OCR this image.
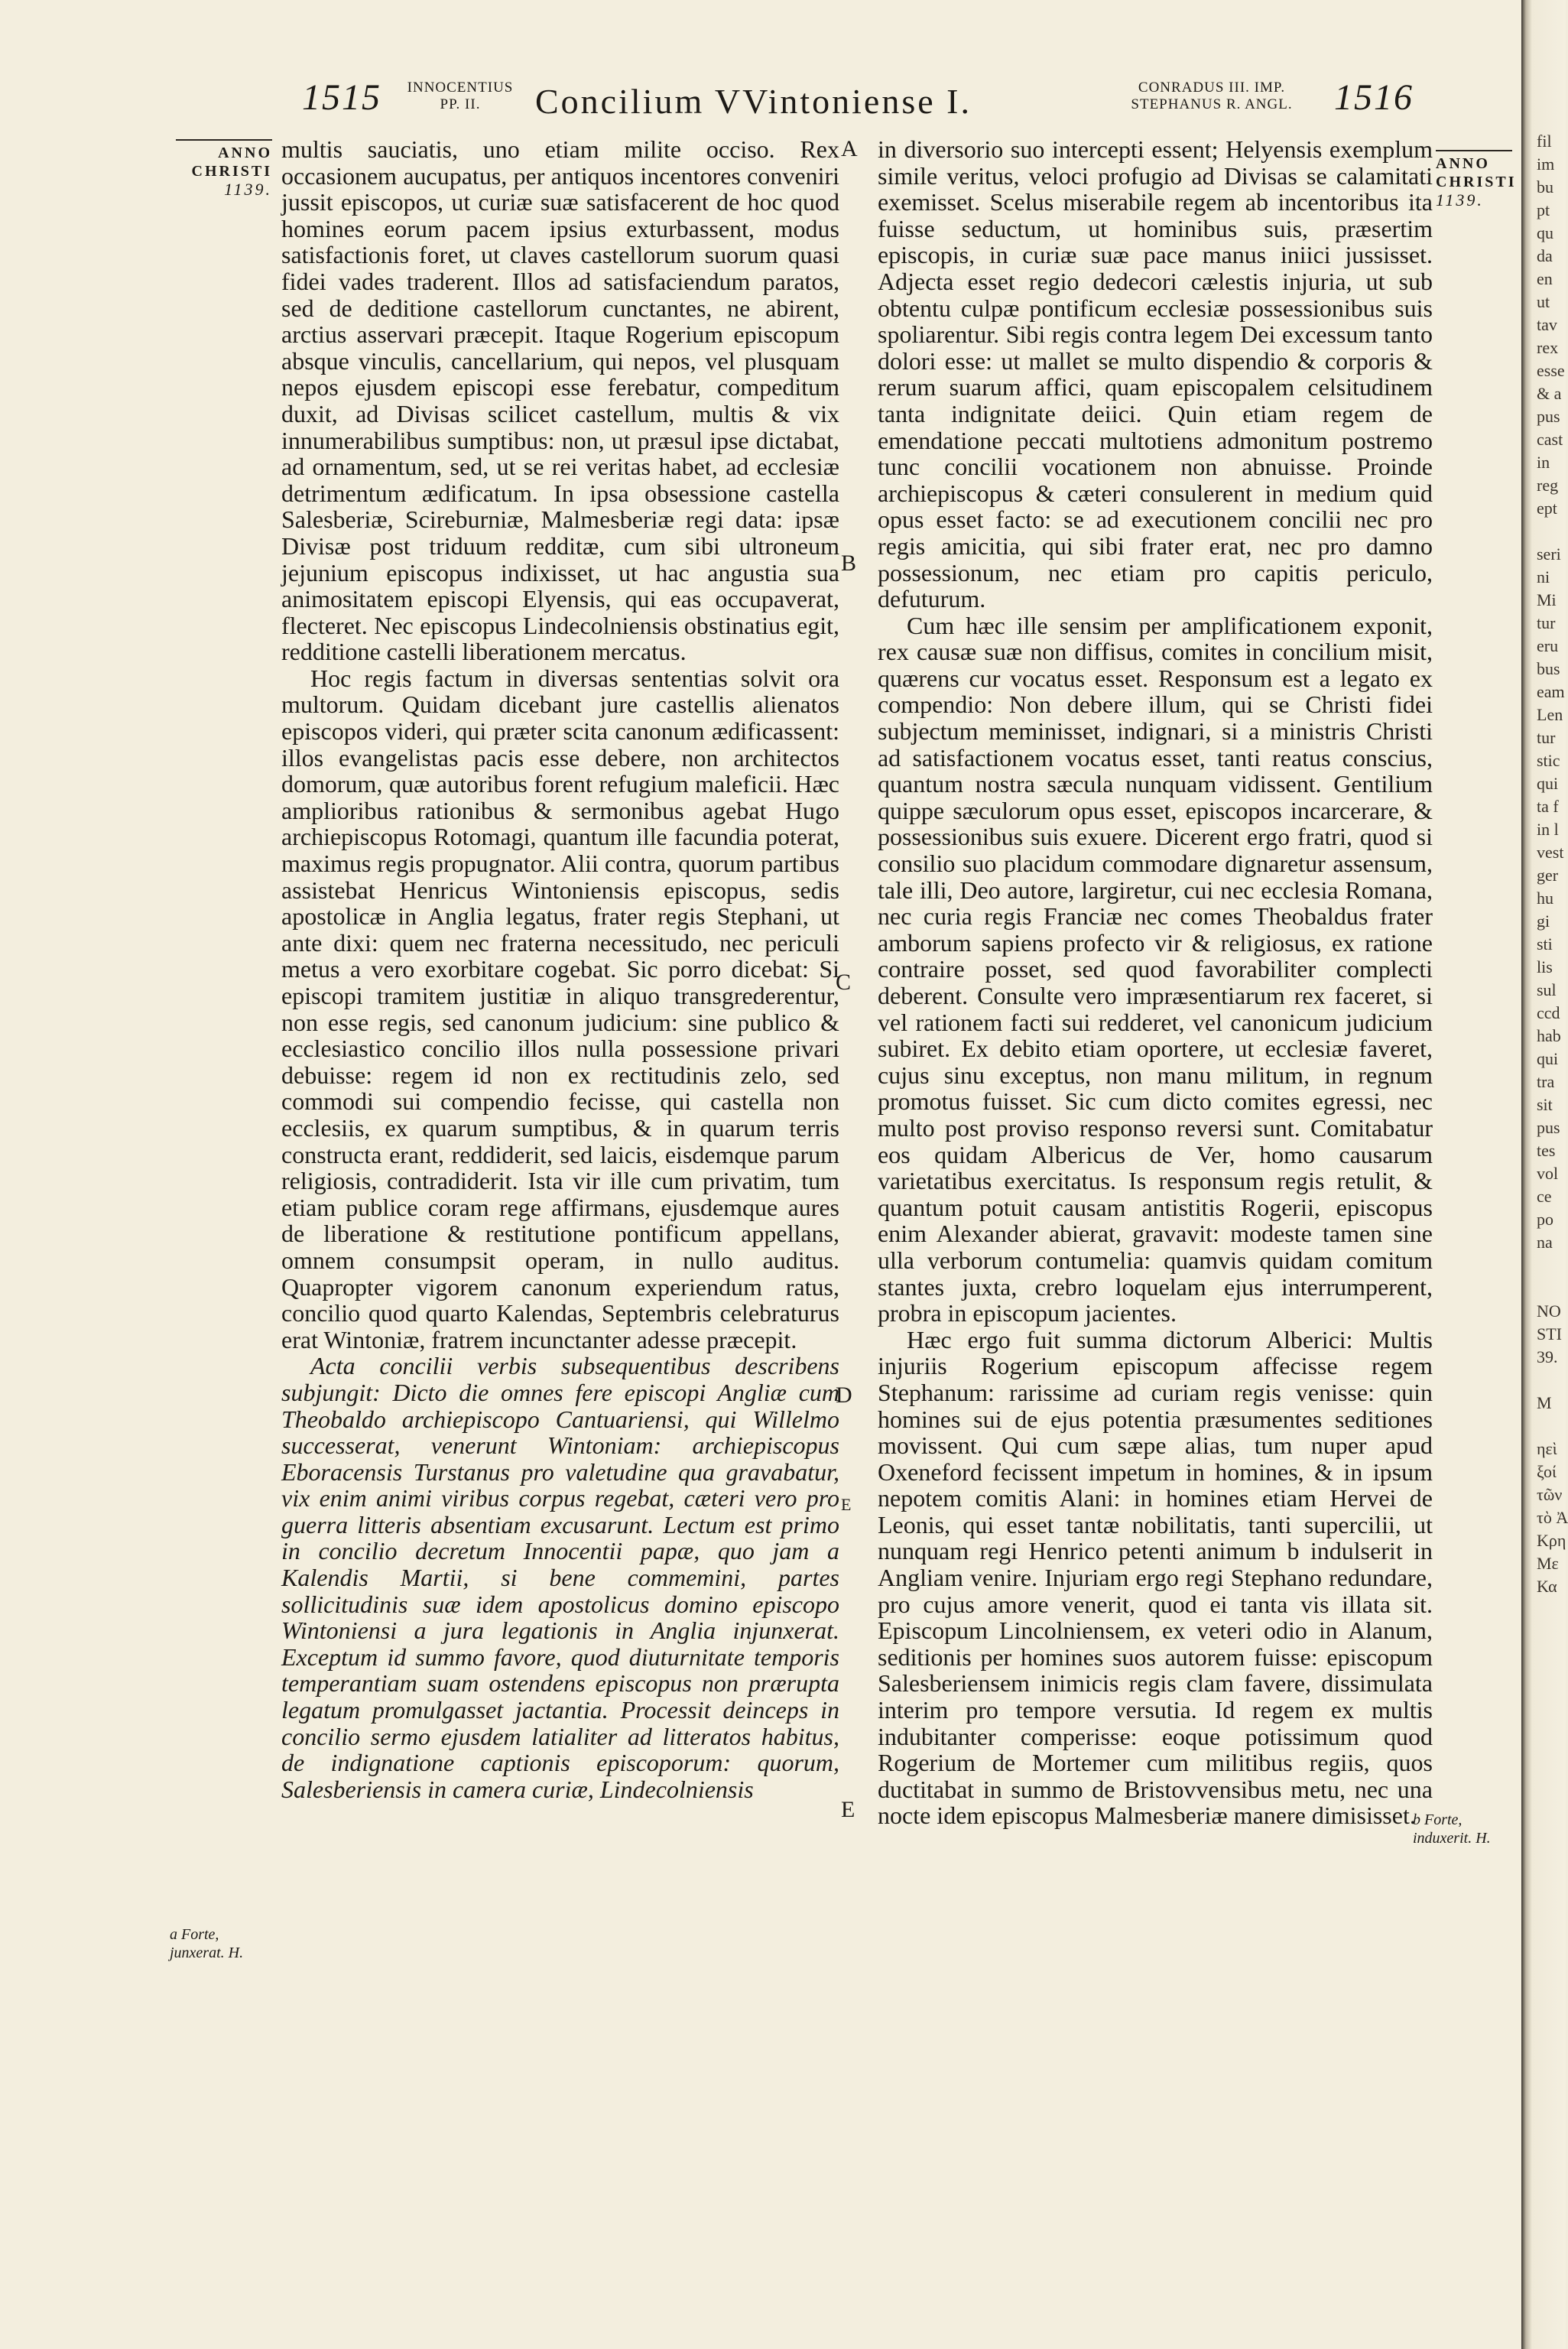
1515	INNOCENTIUS
PP. II.	Concilium VVintoniense I.	CONRADUS III. IMP.
STEPHANUS R. ANGL.	1516
ANNO
CHRISTI
1139.
A
B
C
D
E
E
a Forte, junxerat. H.
b Forte, induxerit. H.

multis sauciatis, uno etiam milite occiso. Rex occasionem aucupatus, per antiquos incentores conveniri jussit episcopos, ut curiæ suæ satisfacerent de hoc quod homines eorum pacem ipsius exturbassent, modus satisfactionis foret, ut claves castellorum suorum quasi fidei vades traderent. Illos ad satisfaciendum paratos, sed de deditione castellorum cunctantes, ne abirent, arctius asservari præcepit. Itaque Rogerium episcopum absque vinculis, cancellarium, qui nepos, vel plusquam nepos ejusdem episcopi esse ferebatur, compeditum duxit, ad Divisas scilicet castellum, multis & vix innumerabilibus sumptibus: non, ut præsul ipse dictabat, ad ornamentum, sed, ut se rei veritas habet, ad ecclesiæ detrimentum ædificatum. In ipsa obsessione castella Salesberiæ, Scireburniæ, Malmesberiæ regi data: ipsæ Divisæ post triduum redditæ, cum sibi ultroneum jejunium episcopus indixisset, ut hac angustia sua animositatem episcopi Elyensis, qui eas occupaverat, flecteret. Nec episcopus Lindecolniensis obstinatius egit, redditione castelli liberationem mercatus.

Hoc regis factum in diversas sententias solvit ora multorum. Quidam dicebant jure castellis alienatos episcopos videri, qui præter scita canonum ædificassent: illos evangelistas pacis esse debere, non architectos domorum, quæ autoribus forent refugium maleficii. Hæc amplioribus rationibus & sermonibus agebat Hugo archiepiscopus Rotomagi, quantum ille facundia poterat, maximus regis propugnator. Alii contra, quorum partibus assistebat Henricus Wintoniensis episcopus, sedis apostolicæ in Anglia legatus, frater regis Stephani, ut ante dixi: quem nec fraterna necessitudo, nec periculi metus a vero exorbitare cogebat. Sic porro dicebat: Si episcopi tramitem justitiæ in aliquo transgrederentur, non esse regis, sed canonum judicium: sine publico & ecclesiastico concilio illos nulla possessione privari debuisse: regem id non ex rectitudinis zelo, sed commodi sui compendio fecisse, qui castella non ecclesiis, ex quarum sumptibus, & in quarum terris constructa erant, reddiderit, sed laicis, eisdemque parum religiosis, contradiderit. Ista vir ille cum privatim, tum etiam publice coram rege affirmans, ejusdemque aures de liberatione & restitutione pontificum appellans, omnem consumpsit operam, in nullo auditus. Quapropter vigorem canonum experiendum ratus, concilio quod quarto Kalendas, Septembris celebraturus erat Wintoniæ, fratrem incunctanter adesse præcepit.

Acta concilii verbis subsequentibus describens subjungit: Dicto die omnes fere episcopi Angliæ cum Theobaldo archiepiscopo Cantuariensi, qui Willelmo successerat, venerunt Wintoniam: archiepiscopus Eboracensis Turstanus pro valetudine qua gravabatur, vix enim animi viribus corpus regebat, cæteri vero pro guerra litteris absentiam excusarunt. Lectum est primo in concilio decretum Innocentii papæ, quo jam a Kalendis Martii, si bene commemini, partes sollicitudinis suæ idem apostolicus domino episcopo Wintoniensi a jura legationis in Anglia injunxerat. Exceptum id summo favore, quod diuturnitate temporis temperantiam suam ostendens episcopus non prærupta legatum promulgasset jactantia. Processit deinceps in concilio sermo ejusdem latialiter ad litteratos habitus, de indignatione captionis episcoporum: quorum, Salesberiensis in camera curiæ, Lindecolniensis

in diversorio suo intercepti essent; Helyensis exemplum simile veritus, veloci profugio ad Divisas se calamitati exemisset. Scelus miserabile regem ab incentoribus ita fuisse seductum, ut hominibus suis, præsertim episcopis, in curiæ suæ pace manus iniici jussisset. Adjecta esset regio dedecori cælestis injuria, ut sub obtentu culpæ pontificum ecclesiæ possessionibus suis spoliarentur. Sibi regis contra legem Dei excessum tanto dolori esse: ut mallet se multo dispendio & corporis & rerum suarum affici, quam episcopalem celsitudinem tanta indignitate deiici. Quin etiam regem de emendatione peccati multotiens admonitum postremo tunc concilii vocationem non abnuisse. Proinde archiepiscopus & cæteri consulerent in medium quid opus esset facto: se ad executionem concilii nec pro regis amicitia, qui sibi frater erat, nec pro damno possessionum, nec etiam pro capitis periculo, defuturum.

Cum hæc ille sensim per amplificationem exponit, rex causæ suæ non diffisus, comites in concilium misit, quærens cur vocatus esset. Responsum est a legato ex compendio: Non debere illum, qui se Christi fidei subjectum meminisset, indignari, si a ministris Christi ad satisfactionem vocatus esset, tanti reatus conscius, quantum nostra sæcula nunquam vidissent. Gentilium quippe sæculorum opus esset, episcopos incarcerare, & possessionibus suis exuere. Dicerent ergo fratri, quod si consilio suo placidum commodare dignaretur assensum, tale illi, Deo autore, largiretur, cui nec ecclesia Romana, nec curia regis Franciæ nec comes Theobaldus frater amborum sapiens profecto vir & religiosus, ex ratione contraire posset, sed quod favorabiliter complecti deberent. Consulte vero impræsentiarum rex faceret, si vel rationem facti sui redderet, vel canonicum judicium subiret. Ex debito etiam oportere, ut ecclesiæ faveret, cujus sinu exceptus, non manu militum, in regnum promotus fuisset. Sic cum dicto comites egressi, nec multo post proviso responso reversi sunt. Comitabatur eos quidam Albericus de Ver, homo causarum varietatibus exercitatus. Is responsum regis retulit, & quantum potuit causam antistitis Rogerii, episcopus enim Alexander abierat, gravavit: modeste tamen sine ulla verborum contumelia: quamvis quidam comitum stantes juxta, crebro loquelam ejus interrumperent, probra in episcopum jacientes.

Hæc ergo fuit summa dictorum Alberici: Multis injuriis Rogerium episcopum affecisse regem Stephanum: rarissime ad curiam regis venisse: quin homines sui de ejus potentia præsumentes seditiones movissent. Qui cum sæpe alias, tum nuper apud Oxeneford fecissent impetum in homines, & in ipsum nepotem comitis Alani: in homines etiam Hervei de Leonis, qui esset tantæ nobilitatis, tanti supercilii, ut nunquam regi Henrico petenti animum b indulserit in Angliam venire. Injuriam ergo regi Stephano redundare, pro cujus amore venerit, quod ei tanta vis illata sit. Episcopum Lincolniensem, ex veteri odio in Alanum, seditionis per homines suos autorem fuisse: episcopum Salesberiensem inimicis regis clam favere, dissimulata interim pro tempore versutia. Id regem ex multis indubitanter comperisse: eoque potissimum quod Rogerium de Mortemer cum militibus regiis, quos ductitabat in summo de Bristovvensibus metu, nec una nocte idem episcopus Malmesberiæ manere dimisisset.

ANNO
CHRISTI
1139.
fil
im
bu
pt
qu
da
en
ut
tav
rex
esse
& a
pus
cast
in
reg
ept
seri
ni
Mi
tur
eru
bus
eam
Len
tur
stic
qui
ta f
in l
vest
ger
hu
gi
sti
lis
sul
ccd
hab
qui
tra
sit
pus
tes
vol
ce
po
na
NO
STI
39.
M
ηεὶ
ξοί
τῶν
τὸ Ἀ
Κρη
Με
Κα
